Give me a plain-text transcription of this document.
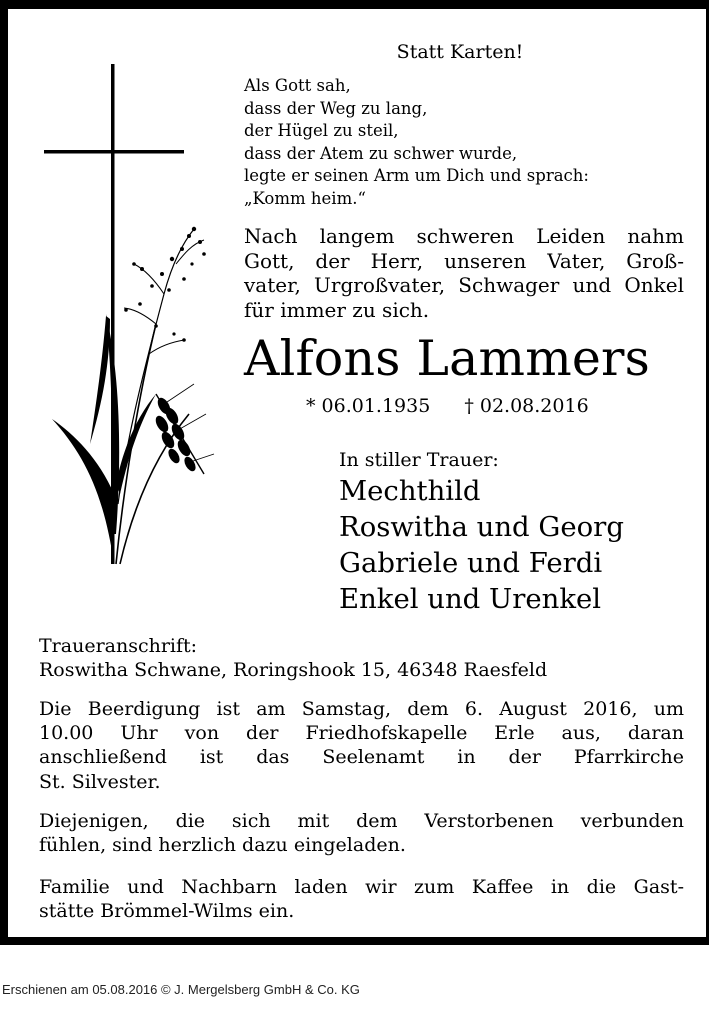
Statt Karten!
Als Gott sah,
dass der Weg zu lang,
der Hügel zu steil,
dass der Atem zu schwer wurde,
legte er seinen Arm um Dich und sprach:
„Komm heim.“
Nach langem schweren Leiden nahm
Gott, der Herr, unseren Vater, Groß-
vater, Urgroßvater, Schwager und Onkel
für immer zu sich.
Alfons Lammers
* 06.01.1935 † 02.08.2016
In stiller Trauer:
Mechthild
Roswitha und Georg
Gabriele und Ferdi
Enkel und Urenkel
Traueranschrift:
Roswitha Schwane, Roringshook 15, 46348 Raesfeld
Die Beerdigung ist am Samstag, dem 6. August 2016, um
10.00 Uhr von der Friedhofskapelle Erle aus, daran
anschließend ist das Seelenamt in der Pfarrkirche
St. Silvester.
Diejenigen, die sich mit dem Verstorbenen verbunden
fühlen, sind herzlich dazu eingeladen.
Familie und Nachbarn laden wir zum Kaffee in die Gast-
stätte Brömmel-Wilms ein.
Erschienen am 05.08.2016 © J. Mergelsberg GmbH & Co. KG
